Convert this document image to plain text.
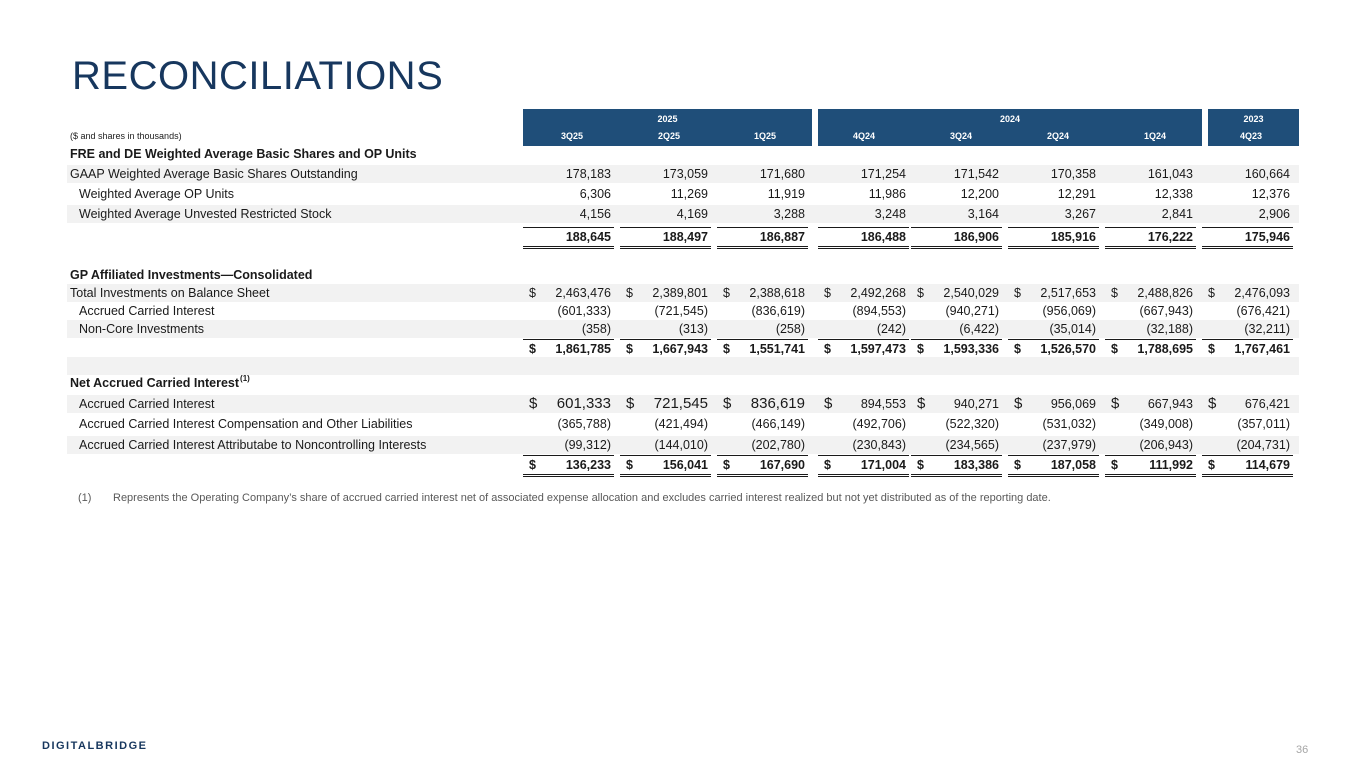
RECONCILIATIONS
2025	2024	2023
($ and shares in thousands)	3Q25	2Q25	1Q25	4Q24	3Q24	2Q24	1Q24	4Q23
FRE and DE Weighted Average Basic Shares and OP Units
GAAP Weighted Average Basic Shares Outstanding	178,183	173,059	171,680	171,254	171,542	170,358	161,043	160,664
Weighted Average OP Units	6,306	11,269	11,919	11,986	12,200	12,291	12,338	12,376
Weighted Average Unvested Restricted Stock	4,156	4,169	3,288	3,248	3,164	3,267	2,841	2,906
188,645	188,497	186,887	186,488	186,906	185,916	176,222	175,946
GP Affiliated Investments—Consolidated
Total Investments on Balance Sheet	$ 2,463,476 $ 2,389,801 $ 2,388,618 $ 2,492,268 $ 2,540,029 $ 2,517,653 $ 2,488,826 $ 2,476,093
Accrued Carried Interest	(601,333)	(721,545)	(836,619)	(894,553)	(940,271)	(956,069)	(667,943)	(676,421)
Non-Core Investments	(358)	(313)	(258)	(242)	(6,422)	(35,014)	(32,188)	(32,211)
$ 1,861,785 $ 1,667,943 $ 1,551,741 $ 1,597,473 $ 1,593,336 $ 1,526,570 $ 1,788,695 $ 1,767,461
Net Accrued Carried Interest (1)
Accrued Carried Interest	$ 601,333 $ 721,545 $ 836,619 $ 894,553 $ 940,271 $ 956,069 $ 667,943 $ 676,421
Accrued Carried Interest Compensation and Other Liabilities	(365,788)	(421,494)	(466,149)	(492,706)	(522,320)	(531,032)	(349,008)	(357,011)
Accrued Carried Interest Attributabe to Noncontrolling Interests	(99,312)	(144,010)	(202,780)	(230,843)	(234,565)	(237,979)	(206,943)	(204,731)
$ 136,233 $ 156,041 $ 167,690 $ 171,004 $ 183,386 $ 187,058 $ 111,992 $ 114,679
(1) Represents the Operating Company’s share of accrued carried interest net of associated expense allocation and excludes carried interest realized but not yet distributed as of the reporting date.
DIGITALBRIDGE	36
